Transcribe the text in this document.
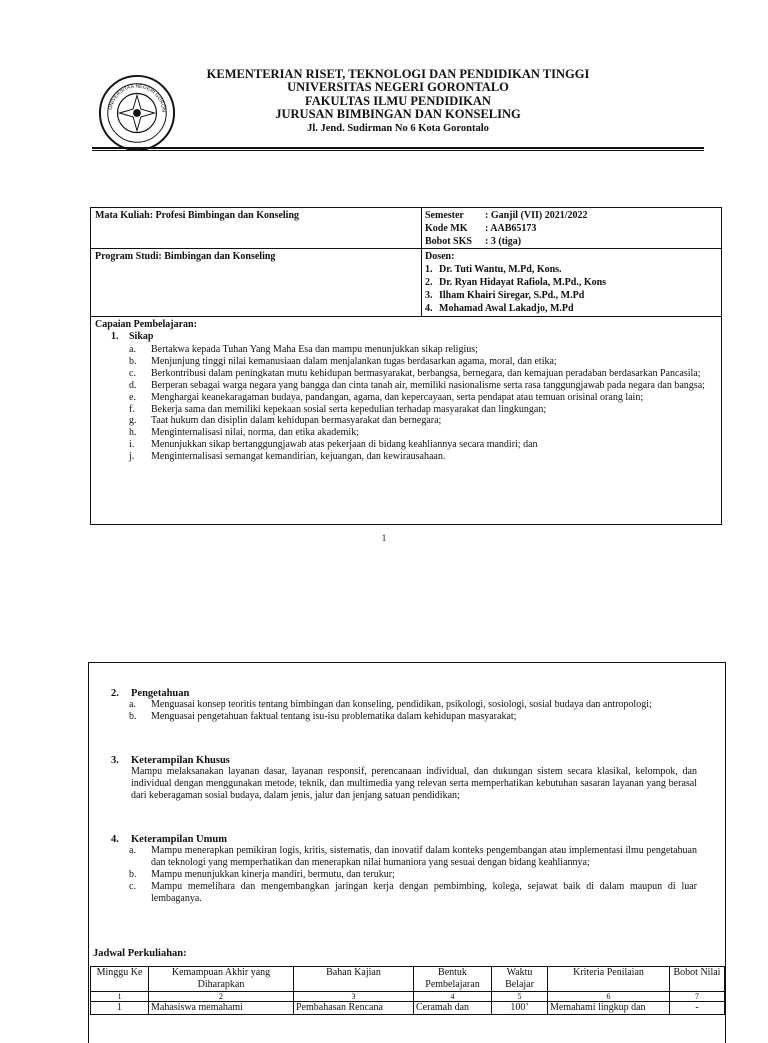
UNIVERSITAS NEGERI GORON
KEMENTERIAN RISET, TEKNOLOGI DAN PENDIDIKAN TINGGI
UNIVERSITAS NEGERI GORONTALO
FAKULTAS ILMU PENDIDIKAN
JURUSAN BIMBINGAN DAN KONSELING
Jl. Jend. Sudirman No 6 Kota Gorontalo
Mata Kuliah: Profesi Bimbingan dan Konseling	Semester	: Ganjil (VII) 2021/2022
Kode MK	: AAB65173
Bobot SKS	: 3 (tiga)
Program Studi: Bimbingan dan Konseling	Dosen:
1. Dr. Tuti Wantu, M.Pd, Kons.
2. Dr. Ryan Hidayat Rafiola, M.Pd., Kons
3. Ilham Khairi Siregar, S.Pd., M.Pd
4. Mohamad Awal Lakadjo, M.Pd
Capaian Pembelajaran:
1.	Sikap
a.	Bertakwa kepada Tuhan Yang Maha Esa dan mampu menunjukkan sikap religius;
b.	Menjunjung tinggi nilai kemanusiaan dalam menjalankan tugas berdasarkan agama, moral, dan etika;
c.	Berkontribusi dalam peningkatan mutu kehidupan bermasyarakat, berbangsa, bernegara, dan kemajuan peradaban berdasarkan Pancasila;
d.	Berperan sebagai warga negara yang bangga dan cinta tanah air, memiliki nasionalisme serta rasa tanggungjawab pada negara dan bangsa;
e.	Menghargai keanekaragaman budaya, pandangan, agama, dan kepercayaan, serta pendapat atau temuan orisinal orang lain;
f.	Bekerja sama dan memiliki kepekaan sosial serta kepedulian terhadap masyarakat dan lingkungan;
g.	Taat hukum dan disiplin dalam kehidupan bermasyarakat dan bernegara;
h.	Menginternalisasi nilai, norma, dan etika akademik;
i.	Menunjukkan sikap bertanggungjawab atas pekerjaan di bidang keahliannya secara mandiri; dan
j.	Menginternalisasi semangat kemandirian, kejuangan, dan kewirausahaan.
1
2.	Pengetahuan
a.	Menguasai konsep teoritis tentang bimbingan dan konseling, pendidikan, psikologi, sosiologi, sosial budaya dan antropologi;
b.	Menguasai pengetahuan faktual tentang isu-isu problematika dalam kehidupan masyarakat;
3.	Keterampilan Khusus
Mampu melaksanakan layanan dasar, layanan responsif, perencanaan individual, dan dukungan sistem secara klasikal, kelompok, dan individual dengan menggunakan metode, teknik, dan multimedia yang relevan serta memperhatikan kebutuhan sasaran layanan yang berasal dari keberagaman sosial budaya, dalam jenis, jalur dan jenjang satuan pendidikan;
4.	Keterampilan Umum
a.	Mampu menerapkan pemikiran logis, kritis, sistematis, dan inovatif dalam konteks pengembangan atau implementasi ilmu pengetahuan dan teknologi yang memperhatikan dan menerapkan nilai humaniora yang sesuai dengan bidang keahliannya;
b.	Mampu menunjukkan kinerja mandiri, bermutu, dan terukur;
c.	Mampu memelihara dan mengembangkan jaringan kerja dengan pembimbing, kolega, sejawat baik di dalam maupun di luar lembaganya.
Jadwal Perkuliahan:
Minggu Ke	Kemampuan Akhir yang Diharapkan	Bahan Kajian	Bentuk Pembelajaran	Waktu Belajar	Kriteria Penilaian	Bobot Nilai
1	2	3	4	5	6	7
1	Mahasiswa memahami	Pembahasan Rencana	Ceramah dan	100’	Memahami lingkup dan	-
